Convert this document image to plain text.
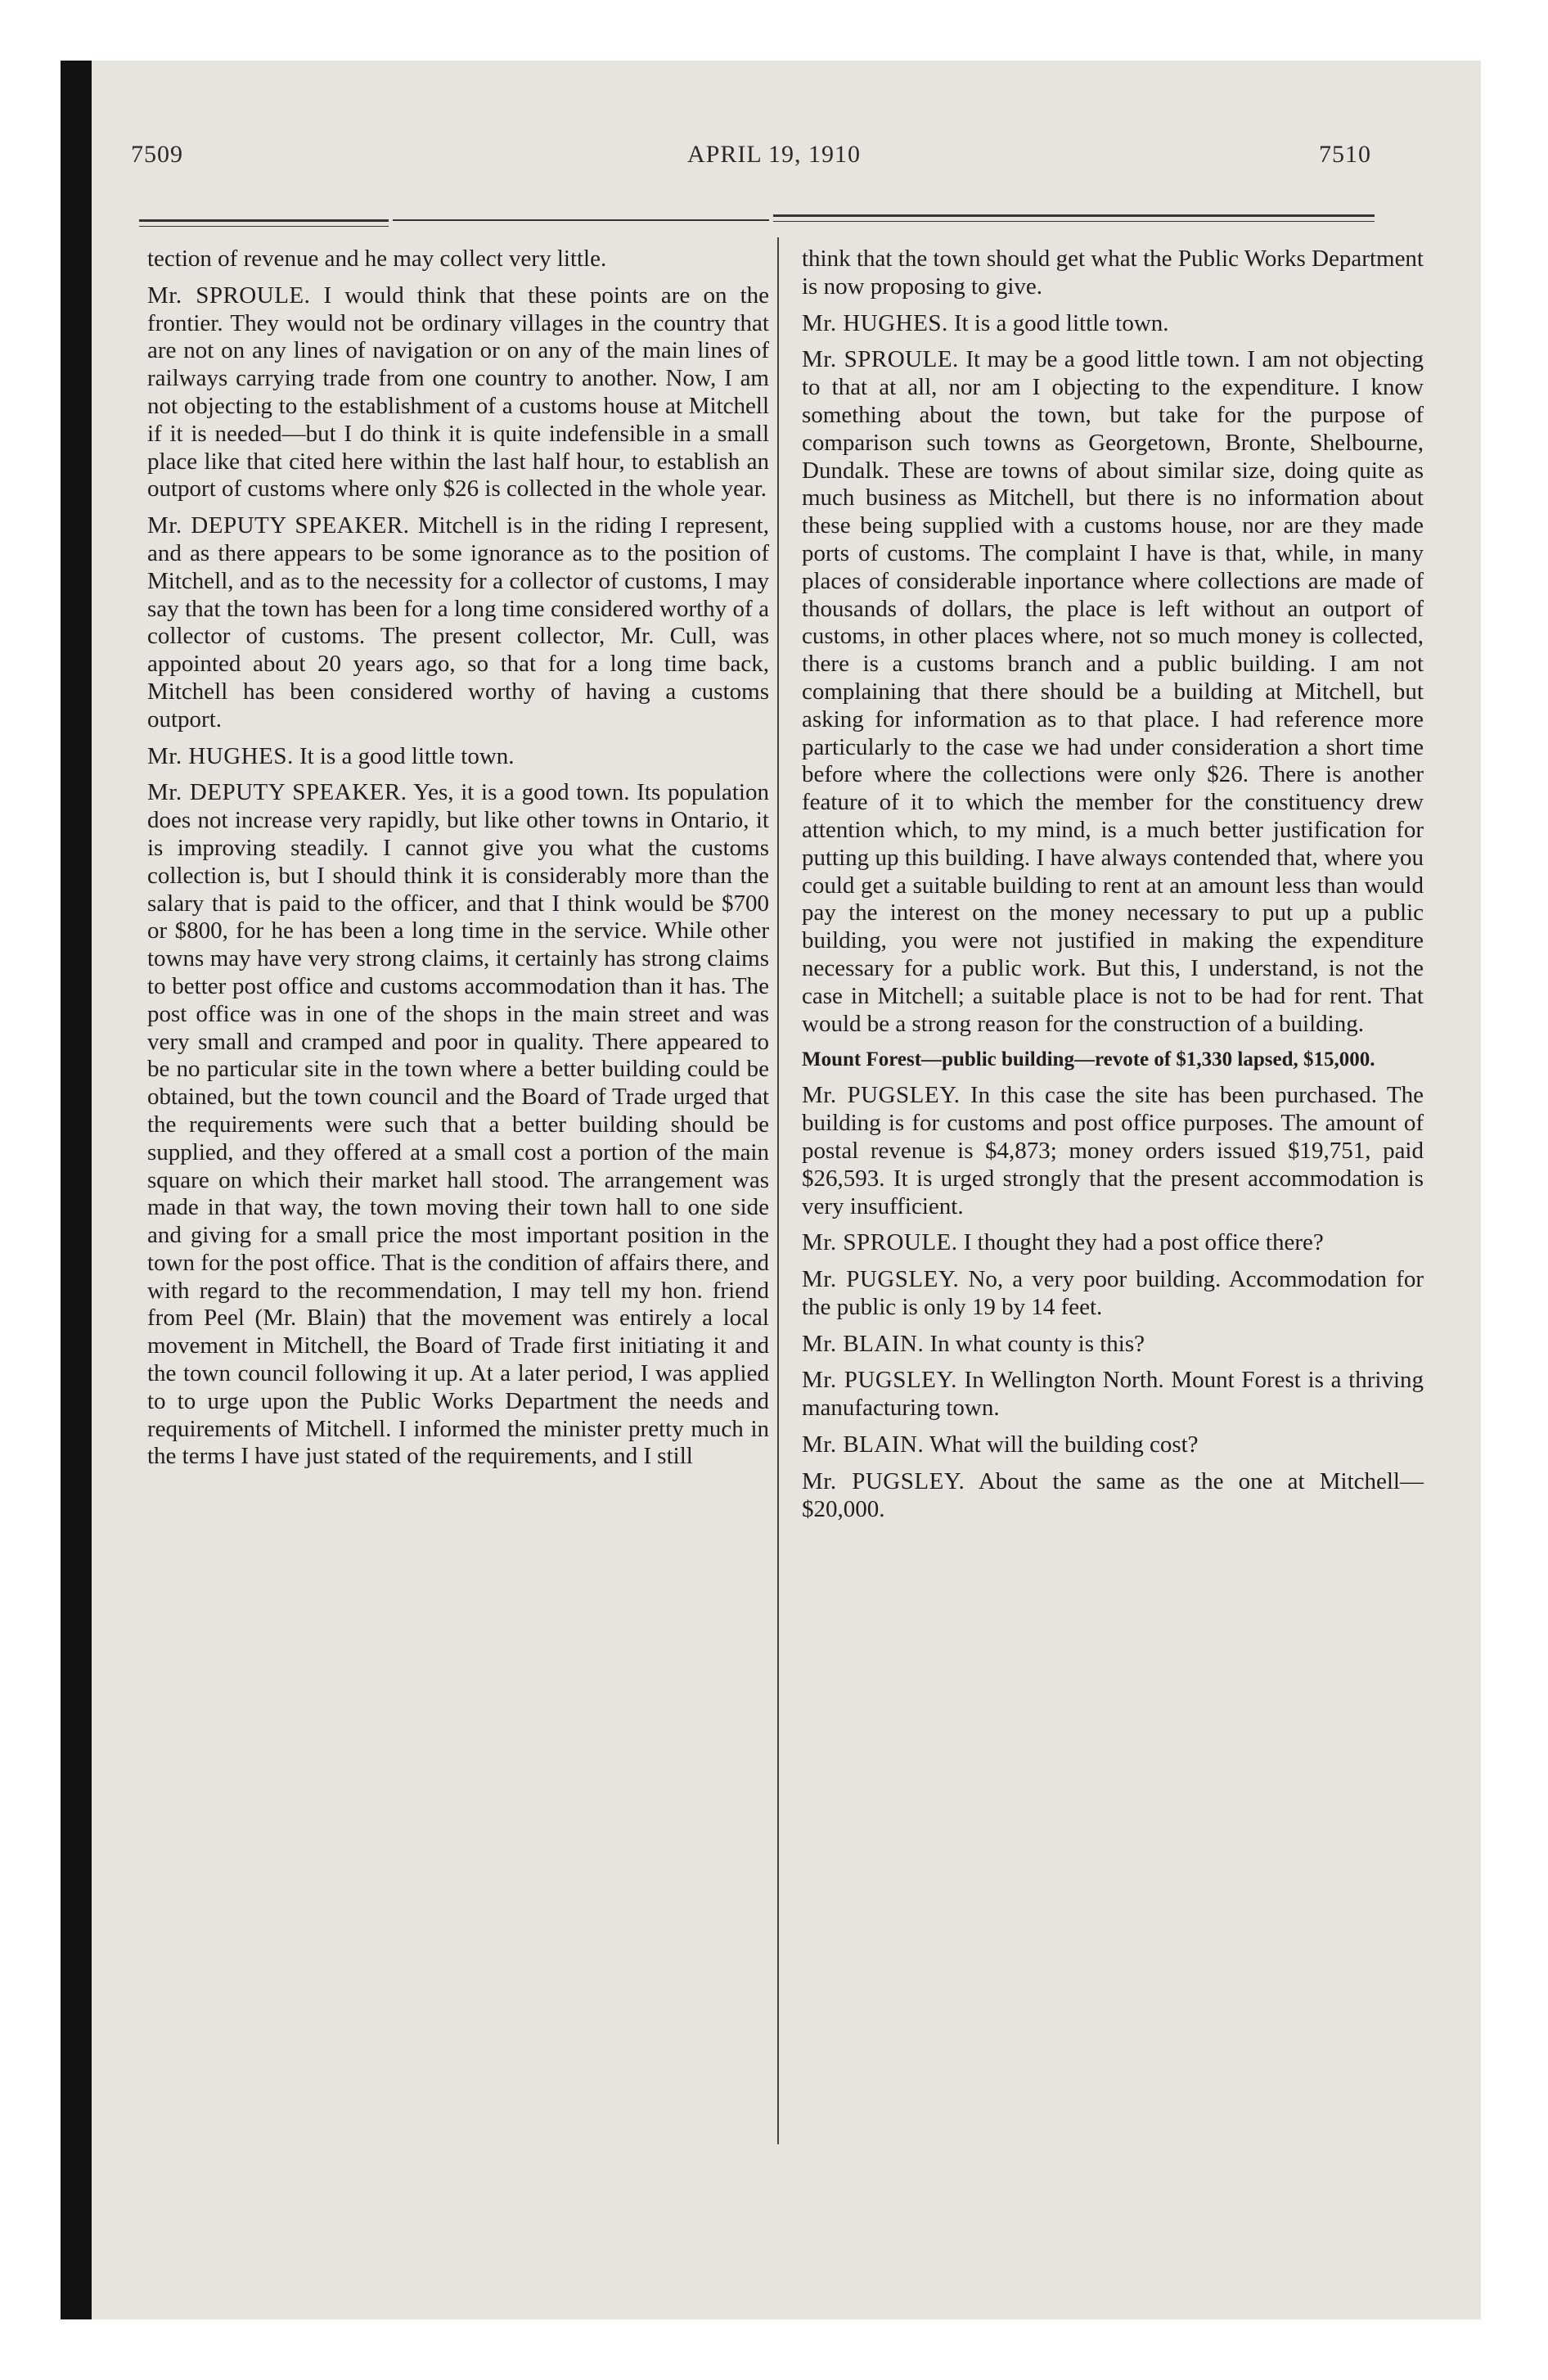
7509	APRIL 19, 1910	7510

tection of revenue and he may collect very little.

Mr. SPROULE. I would think that these points are on the frontier. They would not be ordinary villages in the country that are not on any lines of navigation or on any of the main lines of railways carrying trade from one country to another. Now, I am not objecting to the establishment of a customs house at Mitchell if it is needed—but I do think it is quite indefensible in a small place like that cited here within the last half hour, to establish an outport of customs where only $26 is collected in the whole year.

Mr. DEPUTY SPEAKER. Mitchell is in the riding I represent, and as there appears to be some ignorance as to the position of Mitchell, and as to the necessity for a collector of customs, I may say that the town has been for a long time considered worthy of a collector of customs. The present collector, Mr. Cull, was appointed about 20 years ago, so that for a long time back, Mitchell has been considered worthy of having a customs outport.

Mr. HUGHES. It is a good little town.

Mr. DEPUTY SPEAKER. Yes, it is a good town. Its population does not increase very rapidly, but like other towns in Ontario, it is improving steadily. I cannot give you what the customs collection is, but I should think it is considerably more than the salary that is paid to the officer, and that I think would be $700 or $800, for he has been a long time in the service. While other towns may have very strong claims, it certainly has strong claims to better post office and customs accommodation than it has. The post office was in one of the shops in the main street and was very small and cramped and poor in quality. There appeared to be no particular site in the town where a better building could be obtained, but the town council and the Board of Trade urged that the requirements were such that a better building should be supplied, and they offered at a small cost a portion of the main square on which their market hall stood. The arrangement was made in that way, the town moving their town hall to one side and giving for a small price the most important position in the town for the post office. That is the condition of affairs there, and with regard to the recommendation, I may tell my hon. friend from Peel (Mr. Blain) that the movement was entirely a local movement in Mitchell, the Board of Trade first initiating it and the town council following it up. At a later period, I was applied to to urge upon the Public Works Department the needs and requirements of Mitchell. I informed the minister pretty much in the terms I have just stated of the requirements, and I still

think that the town should get what the Public Works Department is now proposing to give.

Mr. HUGHES. It is a good little town.

Mr. SPROULE. It may be a good little town. I am not objecting to that at all, nor am I objecting to the expenditure. I know something about the town, but take for the purpose of comparison such towns as Georgetown, Bronte, Shelbourne, Dundalk. These are towns of about similar size, doing quite as much business as Mitchell, but there is no information about these being supplied with a customs house, nor are they made ports of customs. The complaint I have is that, while, in many places of considerable inportance where collections are made of thousands of dollars, the place is left without an outport of customs, in other places where, not so much money is collected, there is a customs branch and a public building. I am not complaining that there should be a building at Mitchell, but asking for information as to that place. I had reference more particularly to the case we had under consideration a short time before where the collections were only $26. There is another feature of it to which the member for the constituency drew attention which, to my mind, is a much better justification for putting up this building. I have always contended that, where you could get a suitable building to rent at an amount less than would pay the interest on the money necessary to put up a public building, you were not justified in making the expenditure necessary for a public work. But this, I understand, is not the case in Mitchell; a suitable place is not to be had for rent. That would be a strong reason for the construction of a building.

Mount Forest—public building—revote of $1,330 lapsed, $15,000.

Mr. PUGSLEY. In this case the site has been purchased. The building is for customs and post office purposes. The amount of postal revenue is $4,873; money orders issued $19,751, paid $26,593. It is urged strongly that the present accommodation is very insufficient.

Mr. SPROULE. I thought they had a post office there?

Mr. PUGSLEY. No, a very poor building. Accommodation for the public is only 19 by 14 feet.

Mr. BLAIN. In what county is this?

Mr. PUGSLEY. In Wellington North. Mount Forest is a thriving manufacturing town.

Mr. BLAIN. What will the building cost?

Mr. PUGSLEY. About the same as the one at Mitchell—$20,000.
